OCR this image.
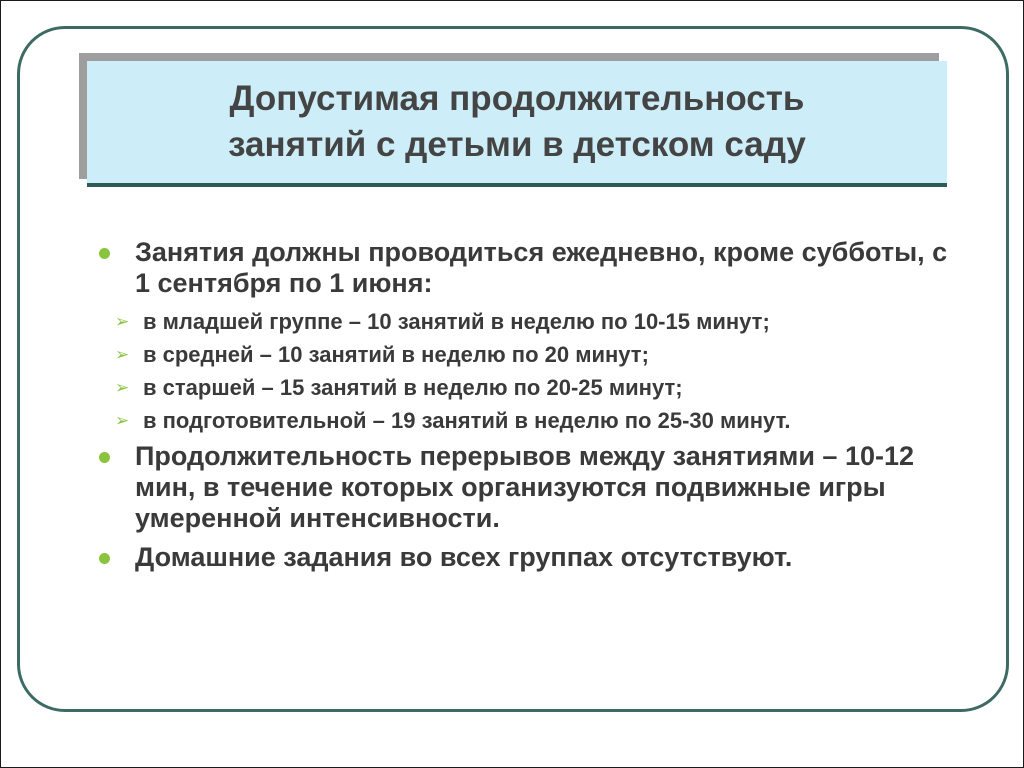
Допустимая продолжительность
занятий с детьми в детском саду

Занятия должны проводиться ежедневно, кроме субботы, с 1 сентября по 1 июня:
➢ в младшей группе – 10 занятий в неделю по 10-15 минут;
➢ в средней – 10 занятий в неделю по 20 минут;
➢ в старшей – 15 занятий в неделю по 20-25 минут;
➢ в подготовительной – 19 занятий в неделю по 25-30 минут.
Продолжительность перерывов между занятиями – 10-12 мин, в течение которых организуются подвижные игры умеренной интенсивности.
Домашние задания во всех группах отсутствуют.
